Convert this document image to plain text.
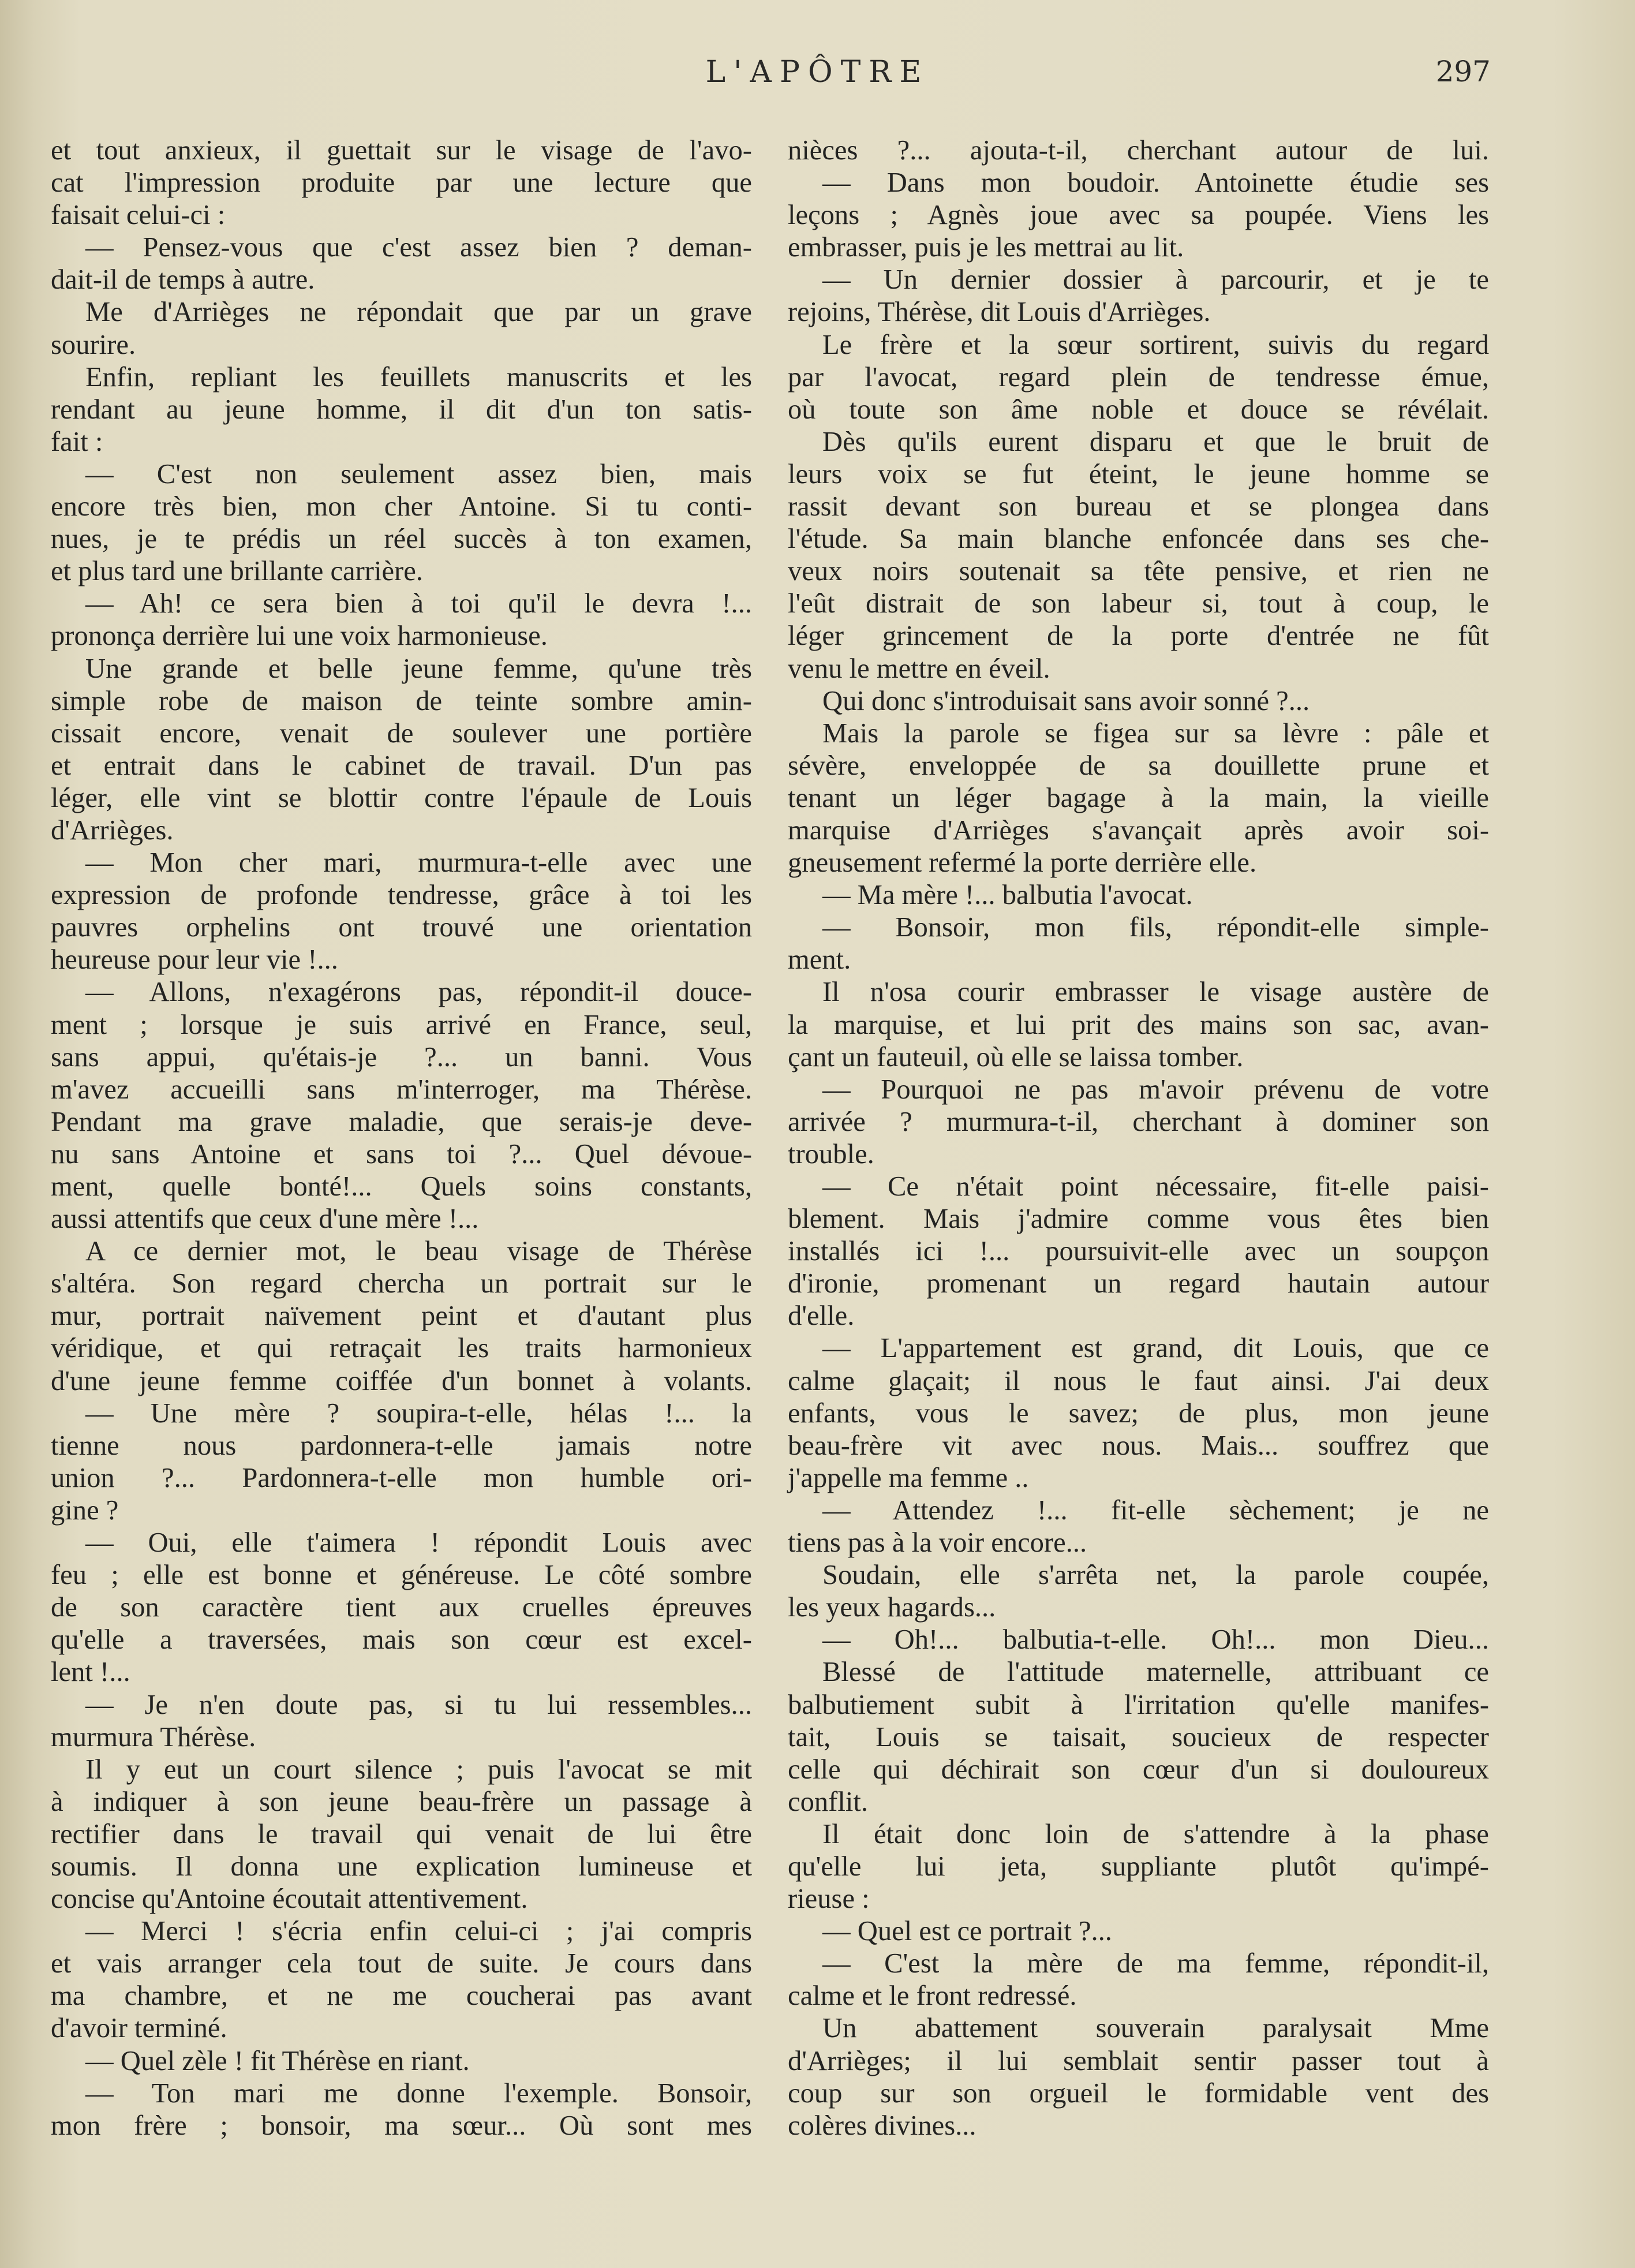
L'APÔTRE	297
et tout anxieux, il guettait sur le visage de l'avo-
cat l'impression produite par une lecture que
faisait celui-ci :
— Pensez-vous que c'est assez bien ? deman-
dait-il de temps à autre.
Me d'Arrièges ne répondait que par un grave
sourire.
Enfin, repliant les feuillets manuscrits et les
rendant au jeune homme, il dit d'un ton satis-
fait :
— C'est non seulement assez bien, mais
encore très bien, mon cher Antoine. Si tu conti-
nues, je te prédis un réel succès à ton examen,
et plus tard une brillante carrière.
— Ah! ce sera bien à toi qu'il le devra !...
prononça derrière lui une voix harmonieuse.
Une grande et belle jeune femme, qu'une très
simple robe de maison de teinte sombre amin-
cissait encore, venait de soulever une portière
et entrait dans le cabinet de travail. D'un pas
léger, elle vint se blottir contre l'épaule de Louis
d'Arrièges.
— Mon cher mari, murmura-t-elle avec une
expression de profonde tendresse, grâce à toi les
pauvres orphelins ont trouvé une orientation
heureuse pour leur vie !...
— Allons, n'exagérons pas, répondit-il douce-
ment ; lorsque je suis arrivé en France, seul,
sans appui, qu'étais-je ?... un banni. Vous
m'avez accueilli sans m'interroger, ma Thérèse.
Pendant ma grave maladie, que serais-je deve-
nu sans Antoine et sans toi ?... Quel dévoue-
ment, quelle bonté!... Quels soins constants,
aussi attentifs que ceux d'une mère !...
A ce dernier mot, le beau visage de Thérèse
s'altéra. Son regard chercha un portrait sur le
mur, portrait naïvement peint et d'autant plus
véridique, et qui retraçait les traits harmonieux
d'une jeune femme coiffée d'un bonnet à volants.
— Une mère ? soupira-t-elle, hélas !... la
tienne nous pardonnera-t-elle jamais notre
union ?... Pardonnera-t-elle mon humble ori-
gine ?
— Oui, elle t'aimera ! répondit Louis avec
feu ; elle est bonne et généreuse. Le côté sombre
de son caractère tient aux cruelles épreuves
qu'elle a traversées, mais son cœur est excel-
lent !...
— Je n'en doute pas, si tu lui ressembles...
murmura Thérèse.
Il y eut un court silence ; puis l'avocat se mit
à indiquer à son jeune beau-frère un passage à
rectifier dans le travail qui venait de lui être
soumis. Il donna une explication lumineuse et
concise qu'Antoine écoutait attentivement.
— Merci ! s'écria enfin celui-ci ; j'ai compris
et vais arranger cela tout de suite. Je cours dans
ma chambre, et ne me coucherai pas avant
d'avoir terminé.
— Quel zèle ! fit Thérèse en riant.
— Ton mari me donne l'exemple. Bonsoir,
mon frère ; bonsoir, ma sœur... Où sont mes
nièces ?... ajouta-t-il, cherchant autour de lui.
— Dans mon boudoir. Antoinette étudie ses
leçons ; Agnès joue avec sa poupée. Viens les
embrasser, puis je les mettrai au lit.
— Un dernier dossier à parcourir, et je te
rejoins, Thérèse, dit Louis d'Arrièges.
Le frère et la sœur sortirent, suivis du regard
par l'avocat, regard plein de tendresse émue,
où toute son âme noble et douce se révélait.
Dès qu'ils eurent disparu et que le bruit de
leurs voix se fut éteint, le jeune homme se
rassit devant son bureau et se plongea dans
l'étude. Sa main blanche enfoncée dans ses che-
veux noirs soutenait sa tête pensive, et rien ne
l'eût distrait de son labeur si, tout à coup, le
léger grincement de la porte d'entrée ne fût
venu le mettre en éveil.
Qui donc s'introduisait sans avoir sonné ?...
Mais la parole se figea sur sa lèvre : pâle et
sévère, enveloppée de sa douillette prune et
tenant un léger bagage à la main, la vieille
marquise d'Arrièges s'avançait après avoir soi-
gneusement refermé la porte derrière elle.
— Ma mère !... balbutia l'avocat.
— Bonsoir, mon fils, répondit-elle simple-
ment.
Il n'osa courir embrasser le visage austère de
la marquise, et lui prit des mains son sac, avan-
çant un fauteuil, où elle se laissa tomber.
— Pourquoi ne pas m'avoir prévenu de votre
arrivée ? murmura-t-il, cherchant à dominer son
trouble.
— Ce n'était point nécessaire, fit-elle paisi-
blement. Mais j'admire comme vous êtes bien
installés ici !... poursuivit-elle avec un soupçon
d'ironie, promenant un regard hautain autour
d'elle.
— L'appartement est grand, dit Louis, que ce
calme glaçait; il nous le faut ainsi. J'ai deux
enfants, vous le savez; de plus, mon jeune
beau-frère vit avec nous. Mais... souffrez que
j'appelle ma femme ..
— Attendez !... fit-elle sèchement; je ne
tiens pas à la voir encore...
Soudain, elle s'arrêta net, la parole coupée,
les yeux hagards...
— Oh!... balbutia-t-elle. Oh!... mon Dieu...
Blessé de l'attitude maternelle, attribuant ce
balbutiement subit à l'irritation qu'elle manifes-
tait, Louis se taisait, soucieux de respecter
celle qui déchirait son cœur d'un si douloureux
conflit.
Il était donc loin de s'attendre à la phase
qu'elle lui jeta, suppliante plutôt qu'impé-
rieuse :
— Quel est ce portrait ?...
— C'est la mère de ma femme, répondit-il,
calme et le front redressé.
Un abattement souverain paralysait Mme
d'Arrièges; il lui semblait sentir passer tout à
coup sur son orgueil le formidable vent des
colères divines...
